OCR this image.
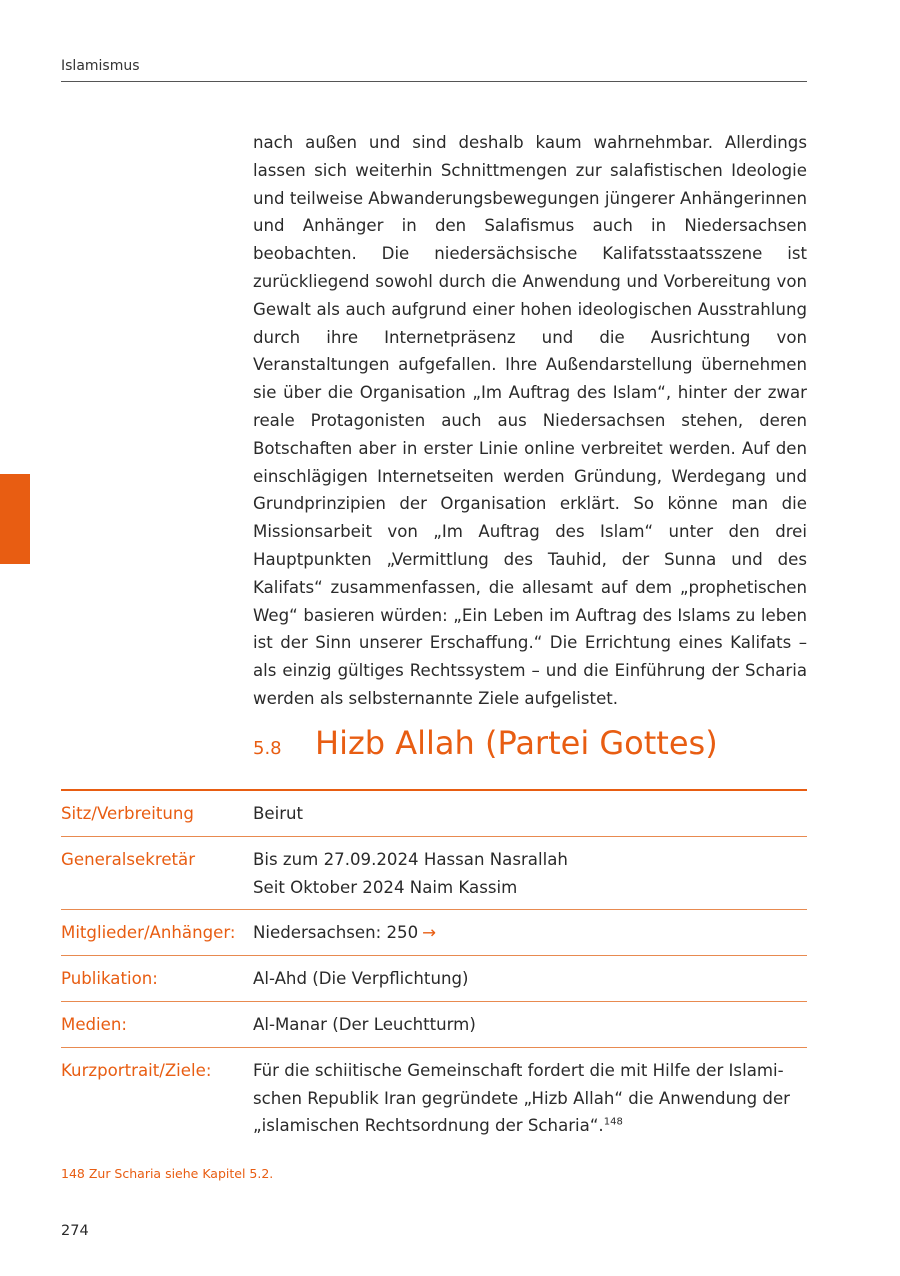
Islamismus

nach außen und sind deshalb kaum wahrnehmbar. Allerdings lassen sich weiterhin Schnittmengen zur salafistischen Ideologie und teilweise Abwanderungsbewegungen jüngerer Anhängerinnen und Anhänger in den Salafismus auch in Niedersachsen beobachten. Die niedersächsische Kalifatsstaatsszene ist zurückliegend sowohl durch die Anwendung und Vorbereitung von Gewalt als auch aufgrund einer hohen ideologischen Ausstrahlung durch ihre Internetpräsenz und die Ausrichtung von Veranstaltungen aufgefallen. Ihre Außendarstellung übernehmen sie über die Organisation „Im Auftrag des Islam“, hinter der zwar reale Protagonisten auch aus Niedersachsen stehen, deren Botschaften aber in erster Linie online verbreitet werden. Auf den einschlägigen Internetseiten werden Gründung, Werdegang und Grundprinzipien der Organisation erklärt. So könne man die Missionsarbeit von „Im Auftrag des Islam“ unter den drei Hauptpunkten „Vermittlung des Tauhid, der Sunna und des Kalifats“ zusammenfassen, die allesamt auf dem „prophetischen Weg“ basieren würden: „Ein Leben im Auftrag des Islams zu leben ist der Sinn unserer Erschaffung.“ Die Errichtung eines Kalifats – als einzig gültiges Rechtssystem – und die Einführung der Scharia werden als selbsternannte Ziele aufgelistet.

5.8 Hizb Allah (Partei Gottes)
Sitz/Verbreitung	Beirut
Generalsekretär	Bis zum 27.09.2024 Hassan Nasrallah
Seit Oktober 2024 Naim Kassim
Mitglieder/Anhänger:	Niedersachsen: 250 →
Publikation:	Al-Ahd (Die Verpflichtung)
Medien:	Al-Manar (Der Leuchtturm)
Kurzportrait/Ziele:	Für die schiitische Gemeinschaft fordert die mit Hilfe der Islamischen Republik Iran gegründete „Hizb Allah“ die Anwendung der „islamischen Rechtsordnung der Scharia“.$^{148}$
148 Zur Scharia siehe Kapitel 5.2.
274
